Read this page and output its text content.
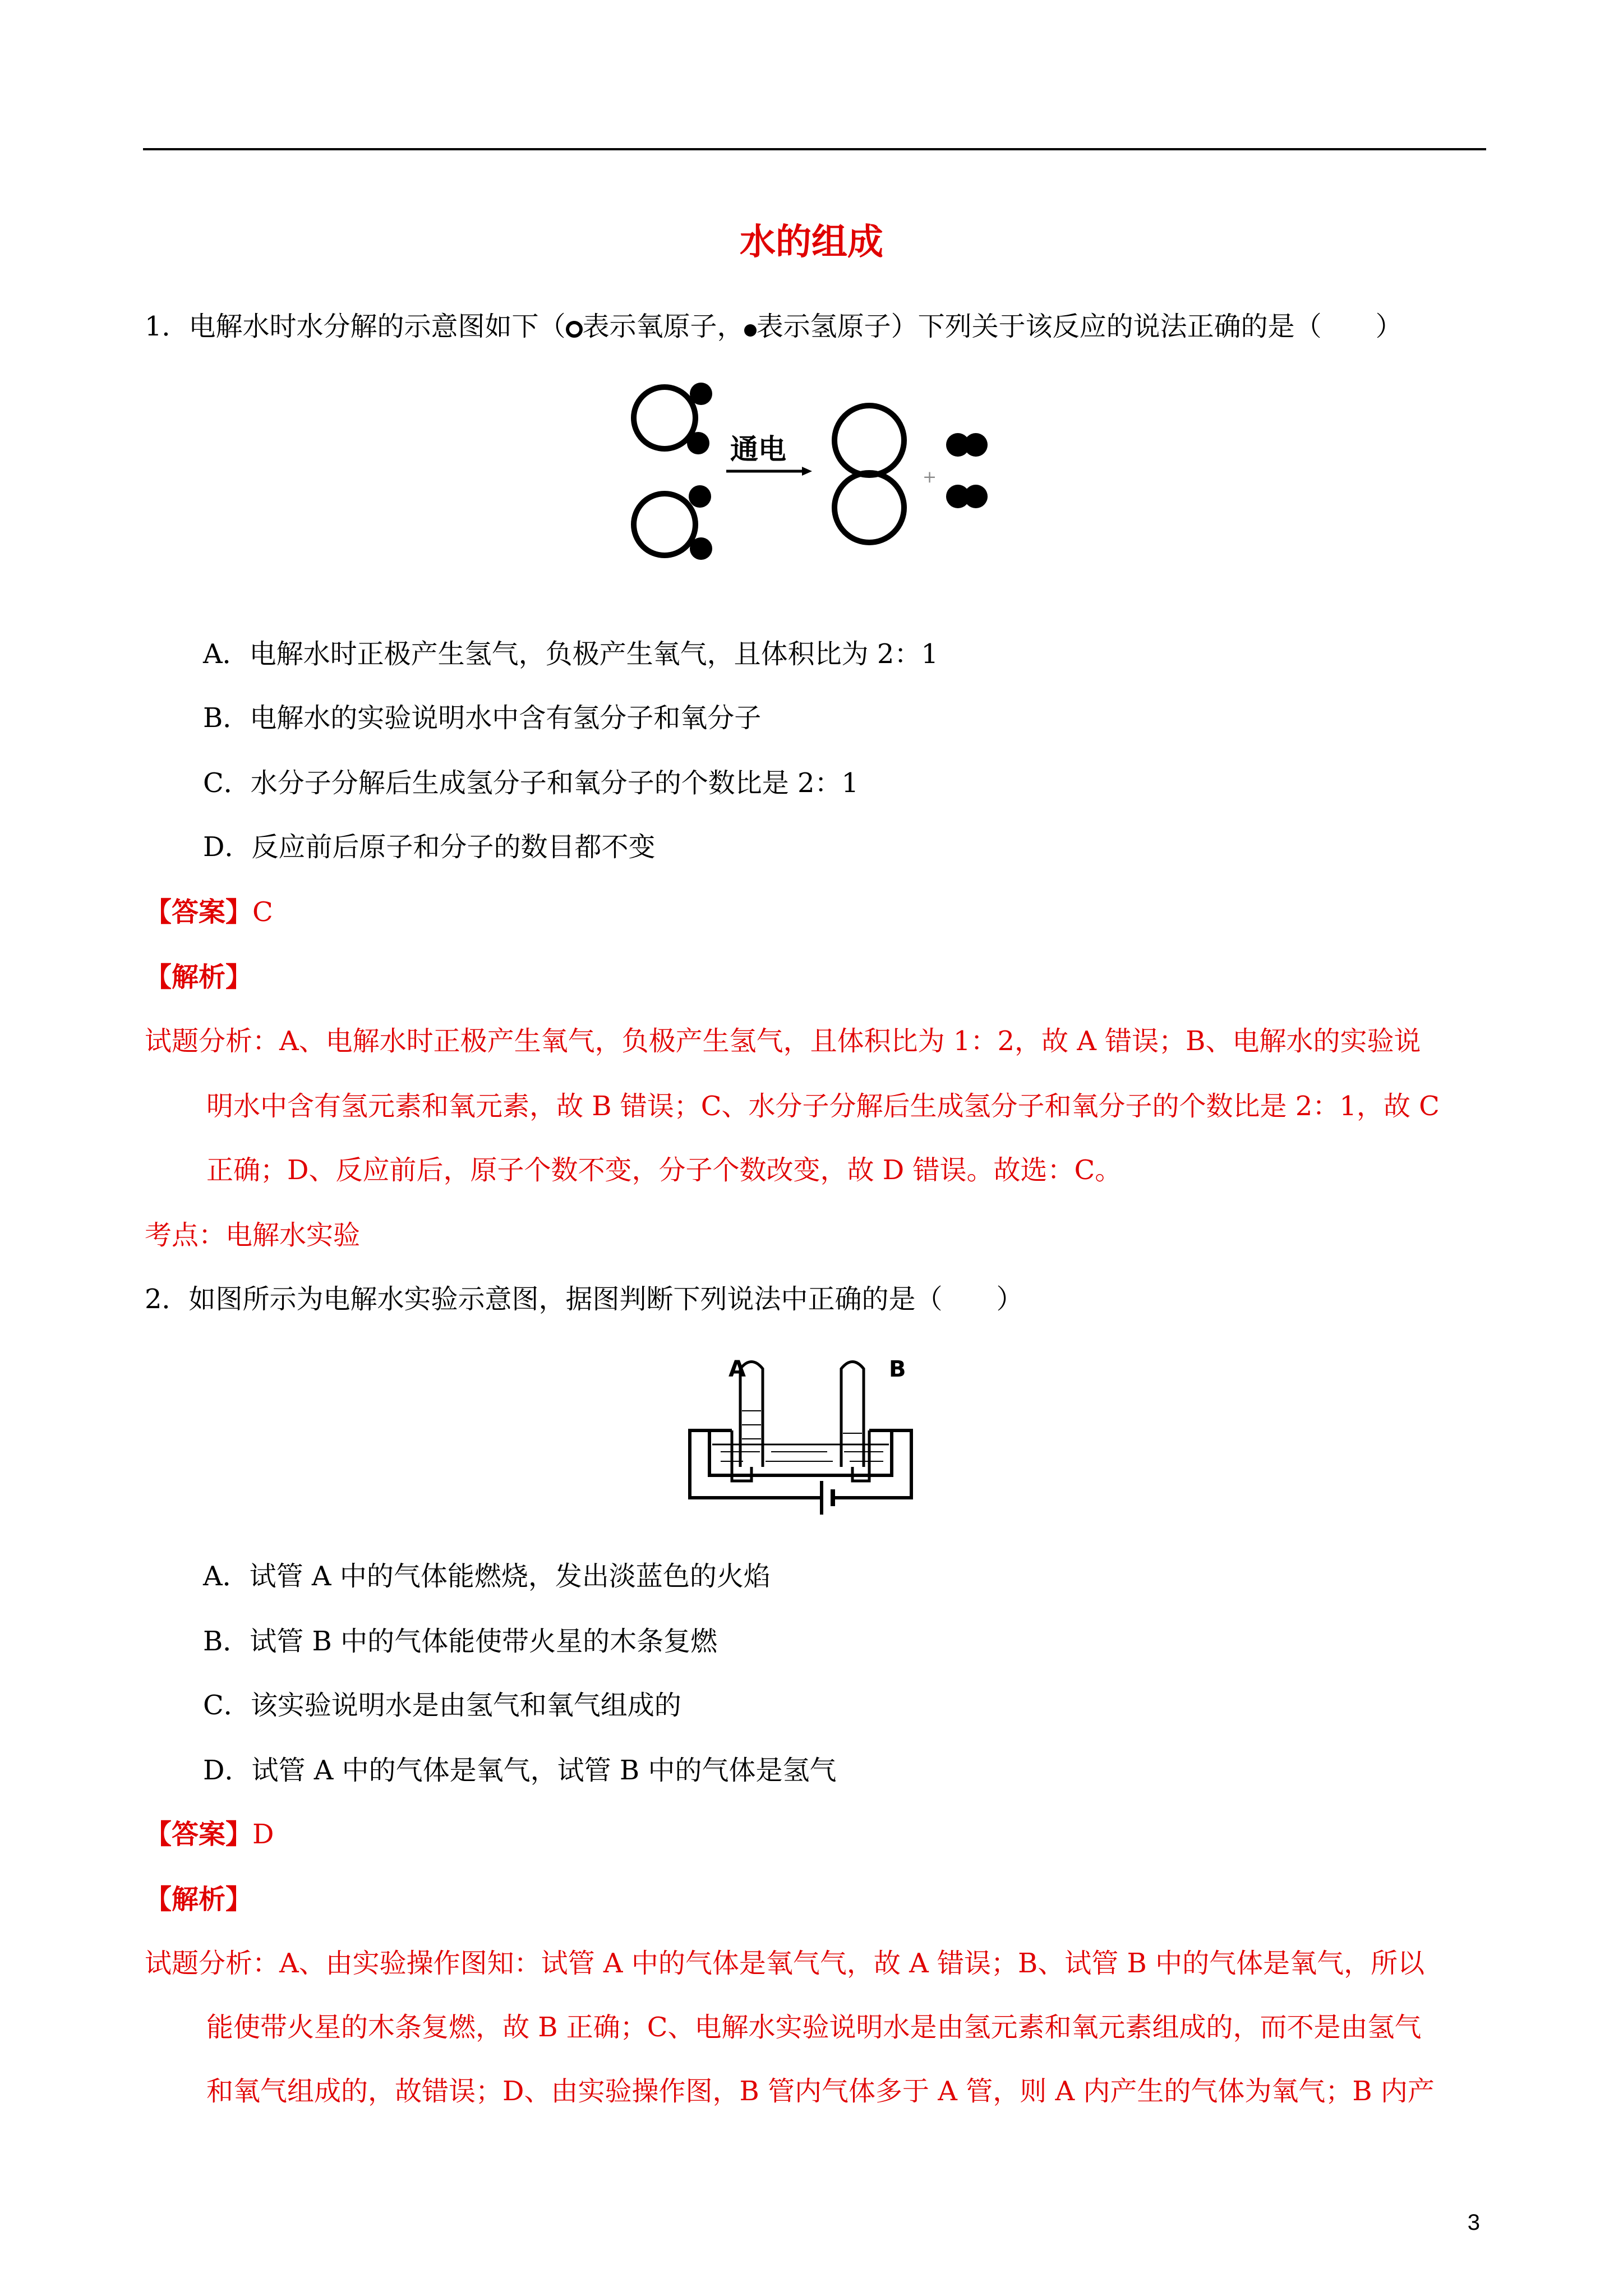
水的组成
1．电解水时水分解的示意图如下（ 表示氧原子， 表示氢原子）下列关于该反应的说法正确的是（　　）
通电
+
A．电解水时正极产生氢气，负极产生氧气，且体积比为 2：1
B．电解水的实验说明水中含有氢分子和氧分子
C．水分子分解后生成氢分子和氧分子的个数比是 2：1
D．反应前后原子和分子的数目都不变
【答案】C
【解析】
试题分析：A、电解水时正极产生氧气，负极产生氢气，且体积比为 1：2，故 A 错误；B、电解水的实验说
明水中含有氢元素和氧元素，故 B 错误；C、水分子分解后生成氢分子和氧分子的个数比是 2：1，故 C
正确；D、反应前后，原子个数不变，分子个数改变，故 D 错误。故选：C。
考点：电解水实验
2．如图所示为电解水实验示意图，据图判断下列说法中正确的是（　　）
A	B
A．试管 A 中的气体能燃烧，发出淡蓝色的火焰
B．试管 B 中的气体能使带火星的木条复燃
C．该实验说明水是由氢气和氧气组成的
D．试管 A 中的气体是氧气，试管 B 中的气体是氢气
【答案】D
【解析】
试题分析：A、由实验操作图知：试管 A 中的气体是氧气气，故 A 错误；B、试管 B 中的气体是氧气，所以
能使带火星的木条复燃，故 B 正确；C、电解水实验说明水是由氢元素和氧元素组成的，而不是由氢气
和氧气组成的，故错误；D、由实验操作图，B 管内气体多于 A 管，则 A 内产生的气体为氧气；B 内产
3
